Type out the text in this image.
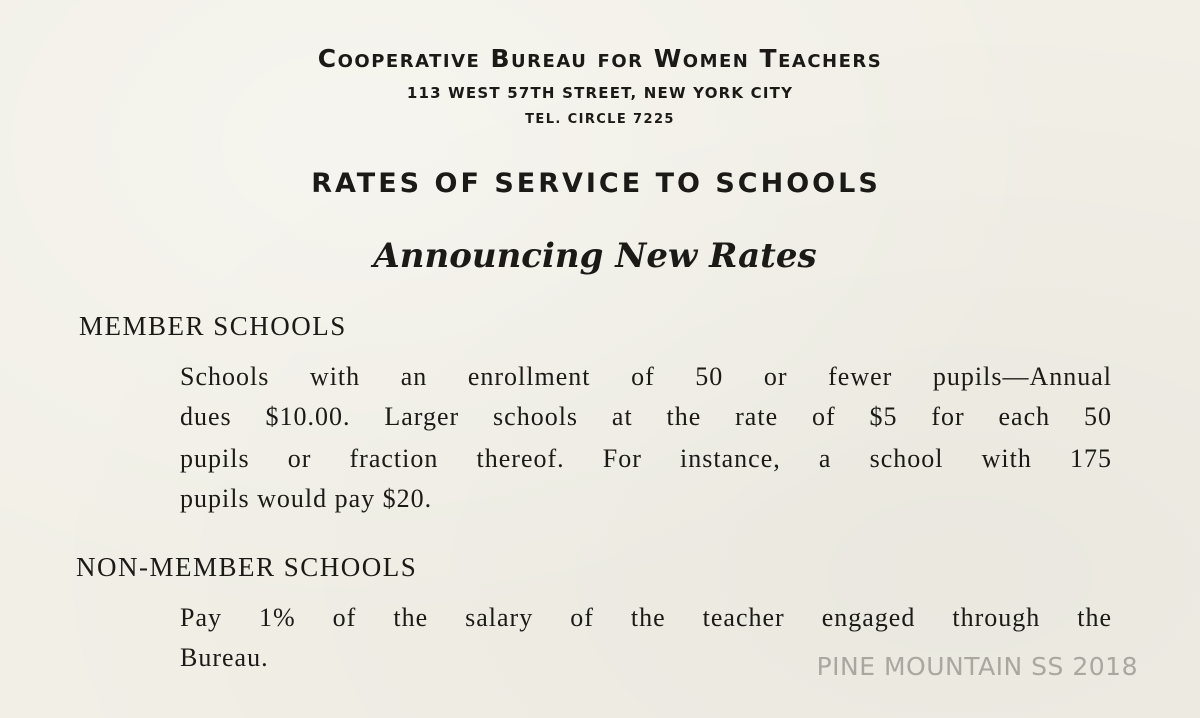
Cooperative Bureau for Women Teachers
113 WEST 57TH STREET, NEW YORK CITY
TEL. CIRCLE 7225
RATES OF SERVICE TO SCHOOLS
Announcing New Rates
MEMBER SCHOOLS
Schools with an enrollment of 50 or fewer pupils—Annual
dues $10.00. Larger schools at the rate of $5 for each 50
pupils or fraction thereof. For instance, a school with 175
pupils would pay $20.
NON-MEMBER SCHOOLS
Pay 1% of the salary of the teacher engaged through the
Bureau.	PINE MOUNTAIN SS 2018
